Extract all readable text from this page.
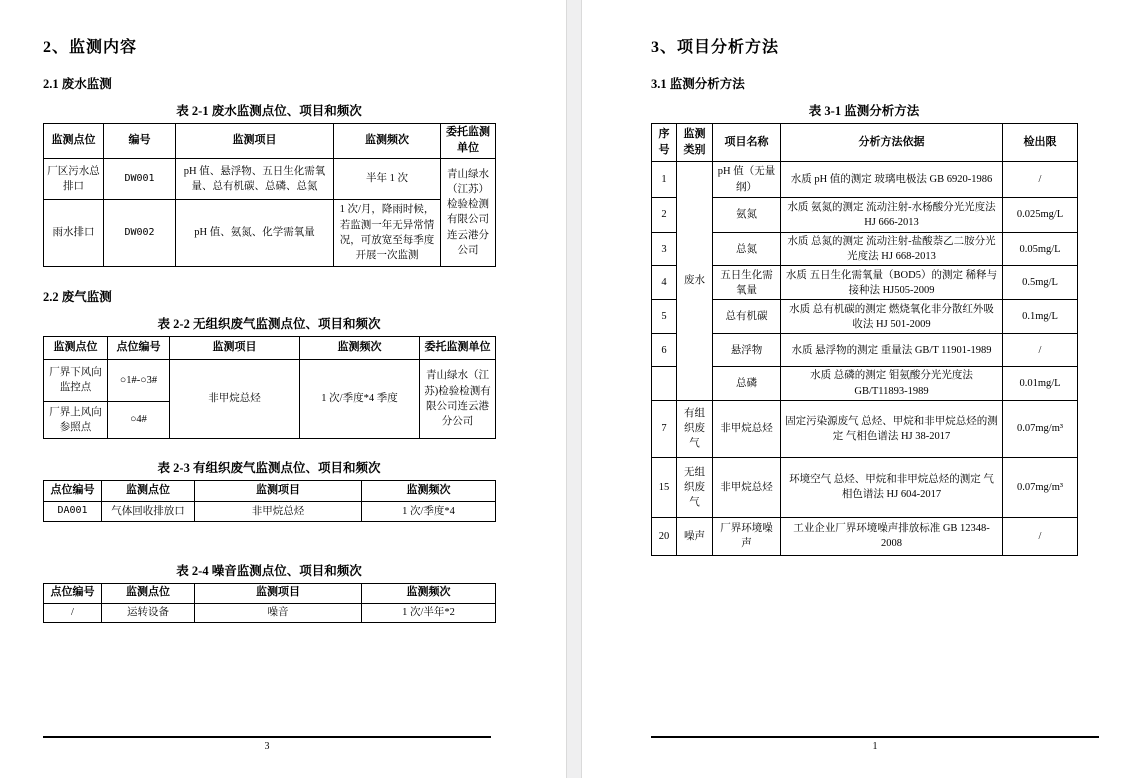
2、监测内容
2.1 废水监测
表 2-1 废水监测点位、项目和频次
监测点位	编号	监测项目	监测频次	委托监测单位
厂区污水总排口	DW001	pH 值、悬浮物、五日生化需氧量、总有机碳、总磷、总氮	半年 1 次	青山绿水（江苏）检验检测有限公司连云港分公司
雨水排口	DW002	pH 值、氨氮、化学需氧量	1 次/月，降雨时候，若监测一年无异常情况，可放宽至每季度开展一次监测	
2.2 废气监测
表 2-2 无组织废气监测点位、项目和频次
监测点位	点位编号	监测项目	监测频次	委托监测单位
厂界下风向监控点	○1#-○3#	非甲烷总烃	1 次/季度*4 季度	青山绿水（江苏)检验检测有限公司连云港分公司
厂界上风向参照点	○4#			
表 2-3 有组织废气监测点位、项目和频次
点位编号	监测点位	监测项目	监测频次
DA001	气体回收排放口	非甲烷总烃	1 次/季度*4
表 2-4 噪音监测点位、项目和频次
点位编号	监测点位	监测项目	监测频次
/	运转设备	噪音	1 次/半年*2
3
3、项目分析方法
3.1 监测分析方法
表 3-1 监测分析方法
序号	监测类别	项目名称	分析方法依据	检出限
1	废水	pH 值（无量纲）	水质 pH 值的测定 玻璃电极法 GB 6920-1986	/
2		氨氮	水质 氨氮的测定 流动注射-水杨酸分光光度法 HJ 666-2013	0.025mg/L
3		总氮	水质 总氮的测定 流动注射-盐酸萘乙二胺分光光度法 HJ 668-2013	0.05mg/L
4		五日生化需氧量	水质 五日生化需氧量（BOD5）的测定 稀释与接种法 HJ505-2009	0.5mg/L
5		总有机碳	水质 总有机碳的测定 燃烧氧化非分散红外吸收法 HJ 501-2009	0.1mg/L
6		悬浮物	水质 悬浮物的测定 重量法 GB/T 11901-1989	/
		总磷	水质 总磷的测定 钼氨酸分光光度法 GB/T11893-1989	0.01mg/L
7	有组织废气	非甲烷总烃	固定污染源废气 总烃、甲烷和非甲烷总烃的测定 气相色谱法 HJ 38-2017	0.07mg/m³
15	无组织废气	非甲烷总烃	环境空气 总烃、甲烷和非甲烷总烃的测定 气相色谱法 HJ 604-2017	0.07mg/m³
20	噪声	厂界环境噪声	工业企业厂界环境噪声排放标准 GB 12348-2008	/
1
